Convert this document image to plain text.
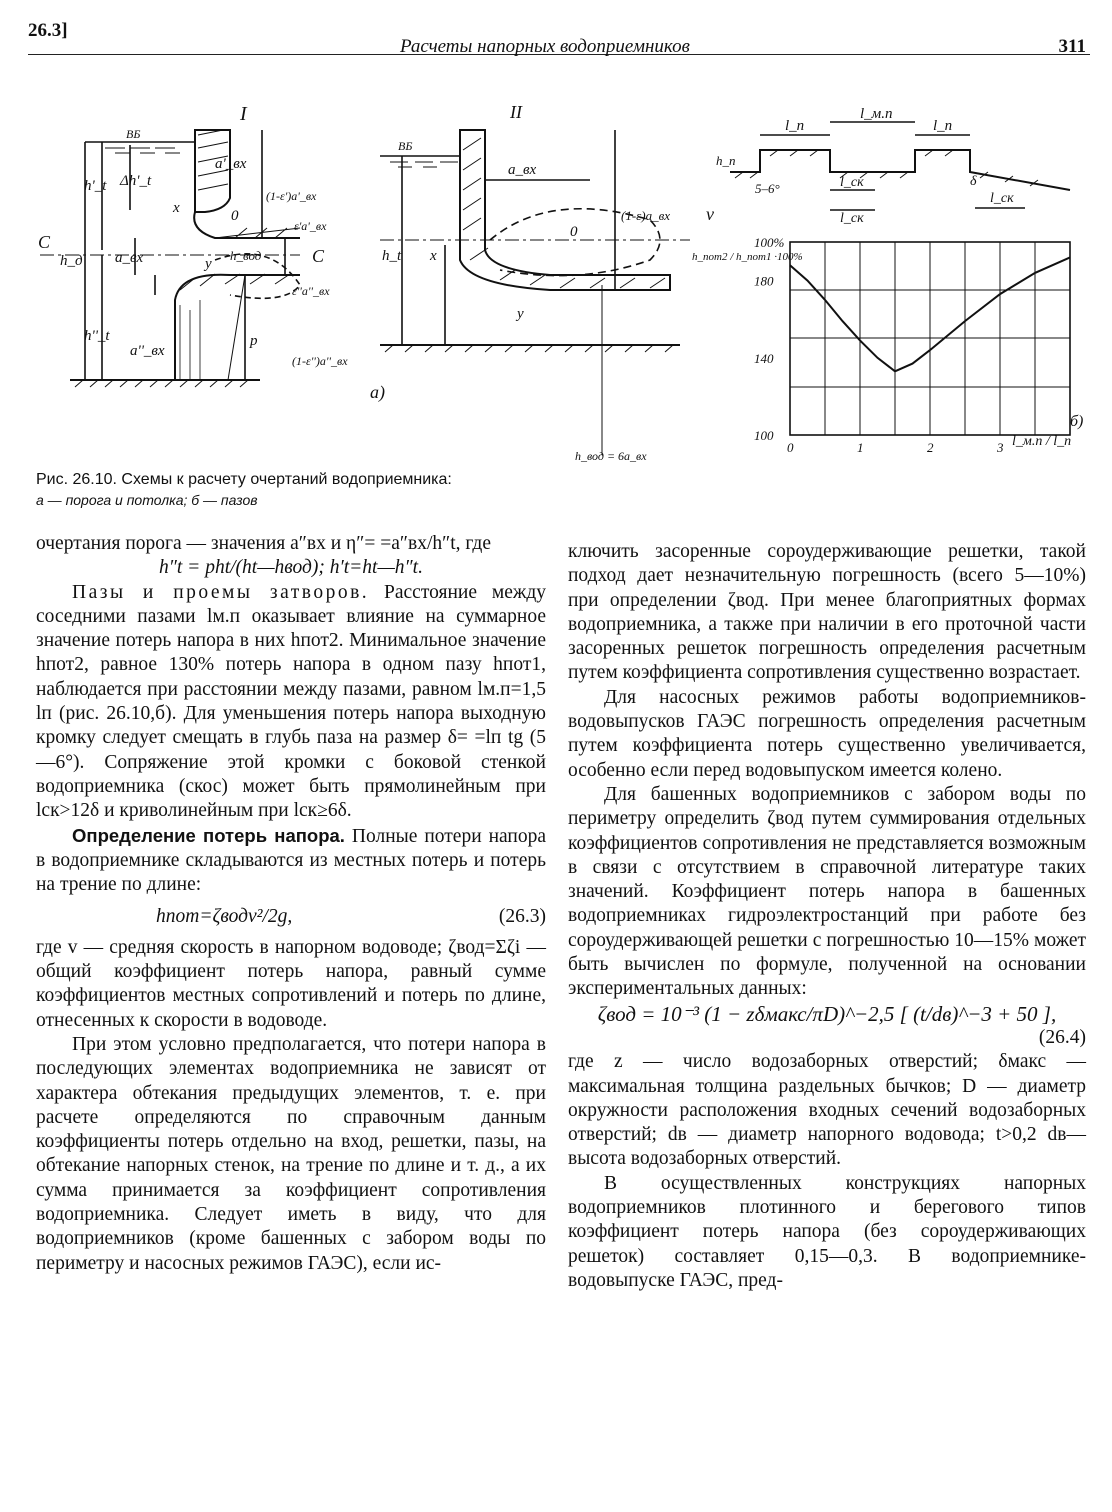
26.3]
Расчеты напорных водоприемников	311
I
ВБ
С
С
h_д
h'_t
h''_t
Δh'_t
a'_вх
a''_вх
a_вх
x
y
0
p
h_вод
(1-ε')a'_вх
ε'a'_вх
ε''a''_вх
(1-ε'')a''_вх
II
ВБ
a_вх
h_t x
y
0
(1-ε)a_вх
h_вод = 6a_вх
а)
l_п
l_м.п
l_п
h_п
5–6°	l_ск
l_ск
δ
l_ск
v
h_пот2 / h_пот1 ·100%
l_м.п / l_п
б)
100
140
180
100%
0	1	2	3
Рис. 26.10. Схемы к расчету очертаний водоприемника:
а — порога и потолка; б — пазов

очертания порога — значения a″вх и η″= =a″вх/h″t, где

h″t = pht/(ht—hвод); h′t=ht—h″t.

Пазы и проемы затворов. Расстояние между соседними пазами lм.п оказывает влияние на суммарное значение потерь напора в них hпот2. Минимальное значение hпот2, равное 130% потерь напора в одном пазу hпот1, наблюдается при расстоянии между пазами, равном lм.п=1,5 lп (рис. 26.10,б). Для уменьшения потерь напора выходную кромку следует смещать в глубь паза на размер δ= =lп tg (5—6°). Сопряжение этой кромки с боковой стенкой водоприемника (скос) может быть прямолинейным при lск>12δ и криволинейным при lск≥6δ.

Определение потерь напора. Полные потери напора в водоприемнике складываются из местных потерь и потерь на трение по длине:

hпот=ζводv²/2g,	(26.3)

где v — средняя скорость в напорном водоводе; ζвод=Σζi — общий коэффициент потерь напора, равный сумме коэффициентов местных сопротивлений и потерь по длине, отнесенных к скорости в водоводе.

При этом условно предполагается, что потери напора в последующих элементах водоприемника не зависят от характера обтекания предыдущих элементов, т. е. при расчете определяются по справочным данным коэффициенты потерь отдельно на вход, решетки, пазы, на обтекание напорных стенок, на трение по длине и т. д., а их сумма принимается за коэффициент сопротивления водоприемника. Следует иметь в виду, что для водоприемников (кроме башенных с забором воды по периметру и насосных режимов ГАЭС), если ис-

ключить засоренные сороудерживающие решетки, такой подход дает незначительную погрешность (всего 5—10%) при определении ζвод. При менее благоприятных формах водоприемника, а также при наличии в его проточной части засоренных решеток погрешность определения расчетным путем коэффициента сопротивления существенно возрастает.

Для насосных режимов работы водоприемников-водовыпусков ГАЭС погрешность определения расчетным путем коэффициента потерь существенно увеличивается, особенно если перед водовыпуском имеется колено.

Для башенных водоприемников с забором воды по периметру определить ζвод путем суммирования отдельных коэффициентов сопротивления не представляется возможным в связи с отсутствием в справочной литературе таких значений. Коэффициент потерь напора в башенных водоприемниках гидроэлектростанций при работе без сороудерживающей решетки с погрешностью 10—15% может быть вычислен по формуле, полученной на основании экспериментальных данных:

ζвод = 10⁻³ (1 − zδмакс/πD)^−2,5 [ (t/dв)^−3 + 50 ],

(26.4)

где z — число водозаборных отверстий; δмакс — максимальная толщина раздельных бычков; D — диаметр окружности расположения входных сечений водозаборных отверстий; dв — диаметр напорного водовода; t>0,2 dв— высота водозаборных отверстий.

В осуществленных конструкциях напорных водоприемников плотинного и берегового типов коэффициент потерь напора (без сороудерживающих решеток) составляет 0,15—0,3. В водоприемнике-водовыпуске ГАЭС, пред-
